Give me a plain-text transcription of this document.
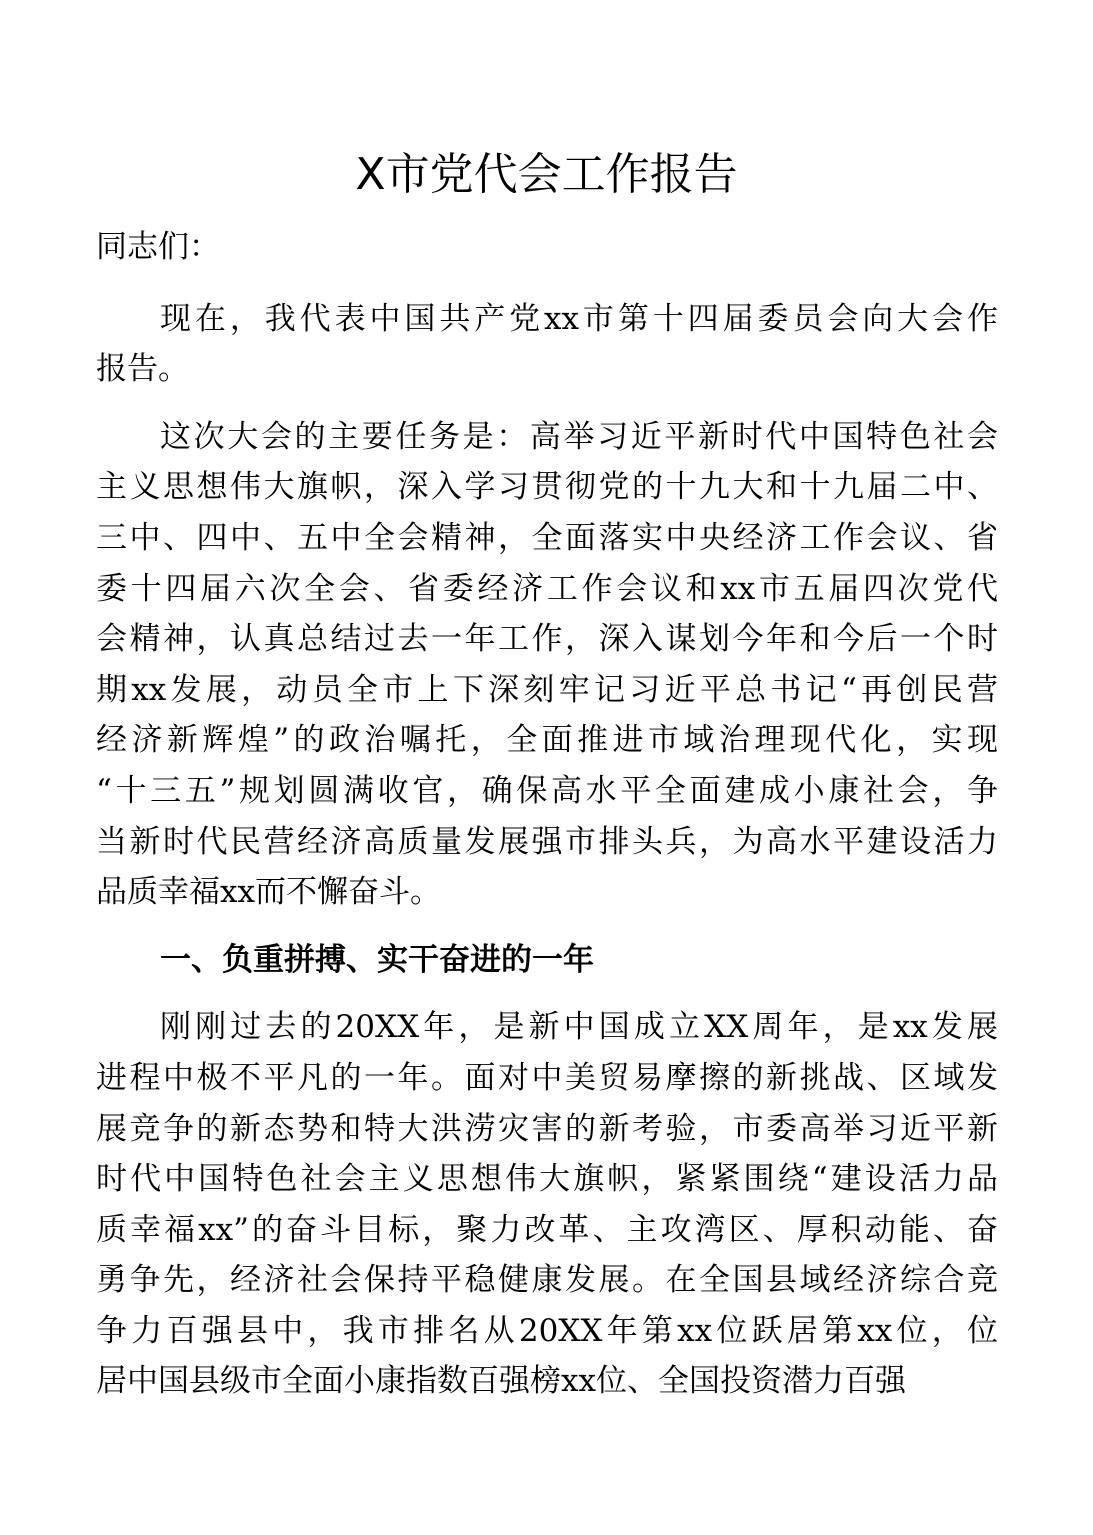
X市党代会工作报告
同志们：
现在，我代表中国共产党xx市第十四届委员会向大会作
报告。
这次大会的主要任务是：高举习近平新时代中国特色社会
主义思想伟大旗帜，深入学习贯彻党的十九大和十九届二中、
三中、四中、五中全会精神，全面落实中央经济工作会议、省
委十四届六次全会、省委经济工作会议和xx市五届四次党代
会精神，认真总结过去一年工作，深入谋划今年和今后一个时
期xx发展，动员全市上下深刻牢记习近平总书记“再创民营
经济新辉煌”的政治嘱托，全面推进市域治理现代化，实现
“十三五”规划圆满收官，确保高水平全面建成小康社会，争
当新时代民营经济高质量发展强市排头兵，为高水平建设活力
品质幸福xx而不懈奋斗。
一、负重拼搏、实干奋进的一年
刚刚过去的20XX年，是新中国成立XX周年，是xx发展
进程中极不平凡的一年。面对中美贸易摩擦的新挑战、区域发
展竞争的新态势和特大洪涝灾害的新考验，市委高举习近平新
时代中国特色社会主义思想伟大旗帜，紧紧围绕“建设活力品
质幸福xx”的奋斗目标，聚力改革、主攻湾区、厚积动能、奋
勇争先，经济社会保持平稳健康发展。在全国县域经济综合竞
争力百强县中，我市排名从20XX年第xx位跃居第xx位，位
居中国县级市全面小康指数百强榜xx位、全国投资潜力百强
